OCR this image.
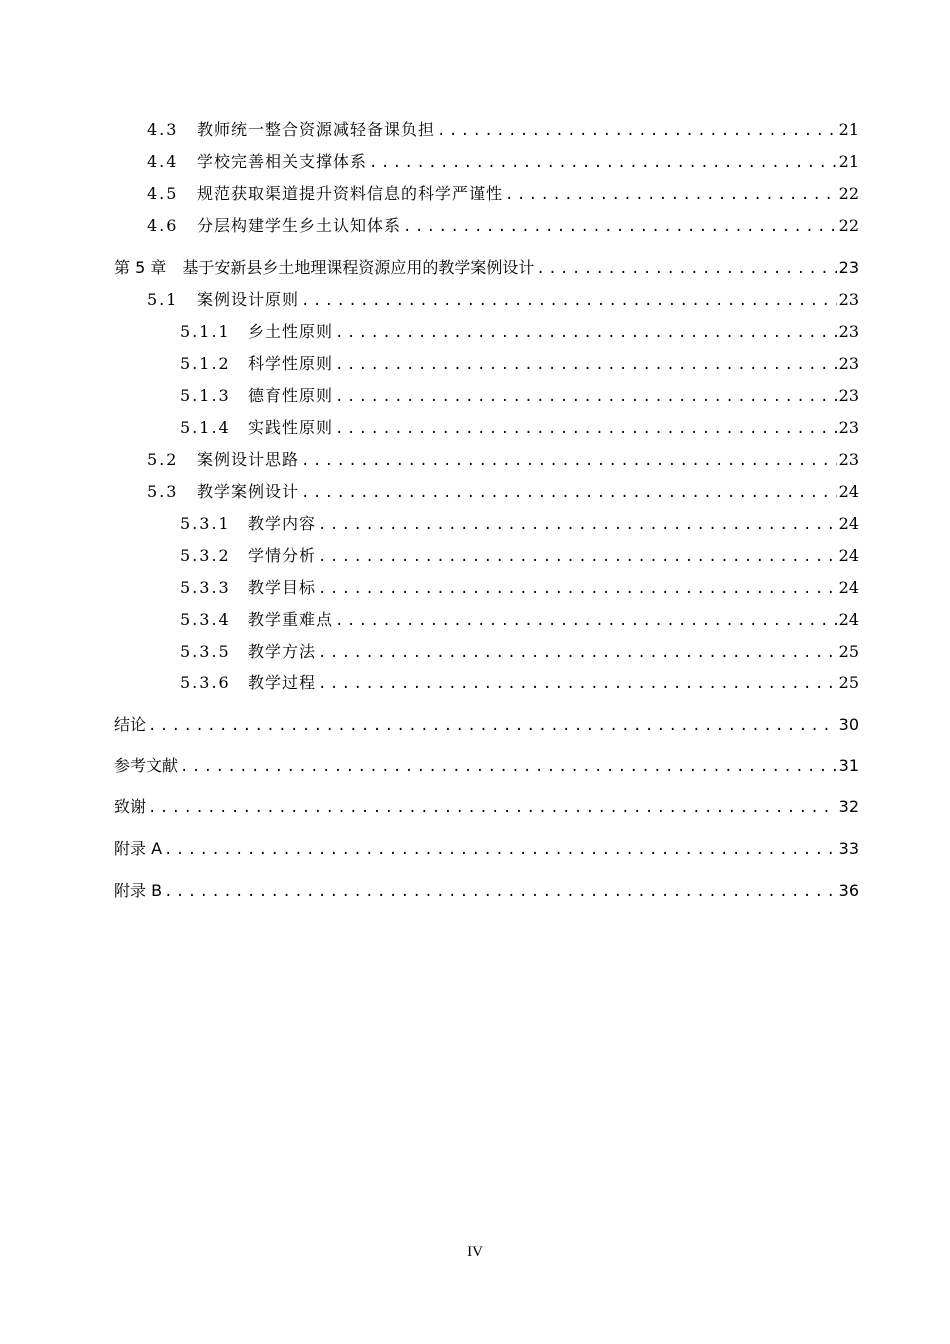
4.3 教师统一整合资源减轻备课负担 .....	21
4.4 学校完善相关支撑体系 .....	21
4.5 规范获取渠道提升资料信息的科学严谨性 .....	22
4.6 分层构建学生乡土认知体系 .....	22
第 5 章　基于安新县乡土地理课程资源应用的教学案例设计 .....	23
5.1 案例设计原则 .....	23
5.1.1 乡土性原则 .....	23
5.1.2 科学性原则 .....	23
5.1.3 德育性原则 .....	23
5.1.4 实践性原则 .....	23
5.2 案例设计思路 .....	23
5.3 教学案例设计 .....	24
5.3.1 教学内容 .....	24
5.3.2 学情分析 .....	24
5.3.3 教学目标 .....	24
5.3.4 教学重难点 .....	24
5.3.5 教学方法 .....	25
5.3.6 教学过程 .....	25
结论 .....	30
参考文献 .....	31
致谢 .....	32
附录 A .....	33
附录 B .....	36
IV
